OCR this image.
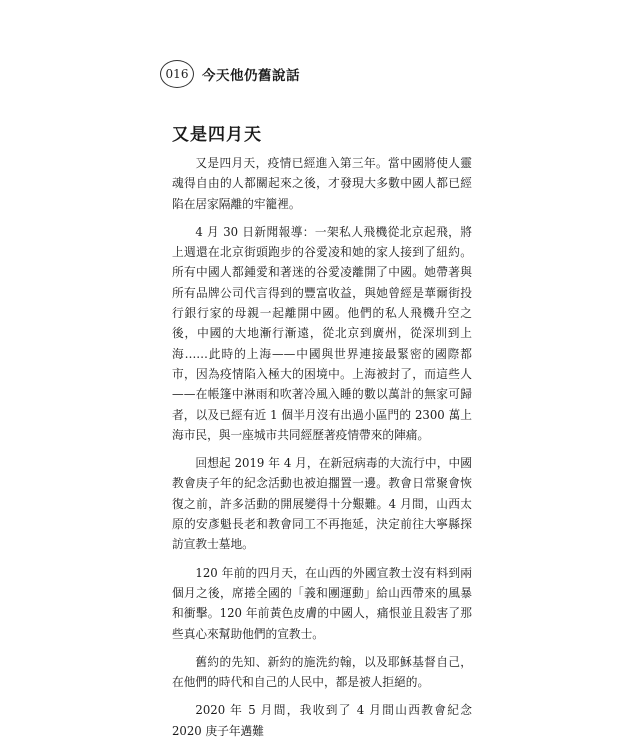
016	今天他仍舊說話
又是四月天

又是四月天，疫情已經進入第三年。當中國將使人靈魂得自由的人都關起來之後，才發現大多數中國人都已經陷在居家隔離的牢籠裡。

4 月 30 日新聞報導：一架私人飛機從北京起飛，將上週還在北京街頭跑步的谷愛凌和她的家人接到了紐約。所有中國人都鍾愛和著迷的谷愛凌離開了中國。她帶著與所有品牌公司代言得到的豐富收益，與她曾經是華爾街投行銀行家的母親一起離開中國。他們的私人飛機升空之後，中國的大地漸行漸遠，從北京到廣州，從深圳到上海……此時的上海——中國與世界連接最緊密的國際都市，因為疫情陷入極大的困境中。上海被封了，而這些人——在帳篷中淋雨和吹著冷風入睡的數以萬計的無家可歸者，以及已經有近 1 個半月沒有出過小區門的 2300 萬上海市民，與一座城市共同經歷著疫情帶來的陣痛。

回想起 2019 年 4 月，在新冠病毒的大流行中，中國教會庚子年的紀念活動也被迫擱置一邊。教會日常聚會恢復之前，許多活動的開展變得十分艱難。4 月間，山西太原的安彥魁長老和教會同工不再拖延，決定前往大寧縣探訪宣教士墓地。

120 年前的四月天，在山西的外國宣教士沒有料到兩個月之後，席捲全國的「義和團運動」給山西帶來的風暴和衝擊。120 年前黃色皮膚的中國人，痛恨並且殺害了那些真心來幫助他們的宣教士。

舊約的先知、新約的施洗約翰，以及耶穌基督自己，在他們的時代和自己的人民中，都是被人拒絕的。

2020 年 5 月間，我收到了 4 月間山西教會紀念 2020 庚子年邁難
